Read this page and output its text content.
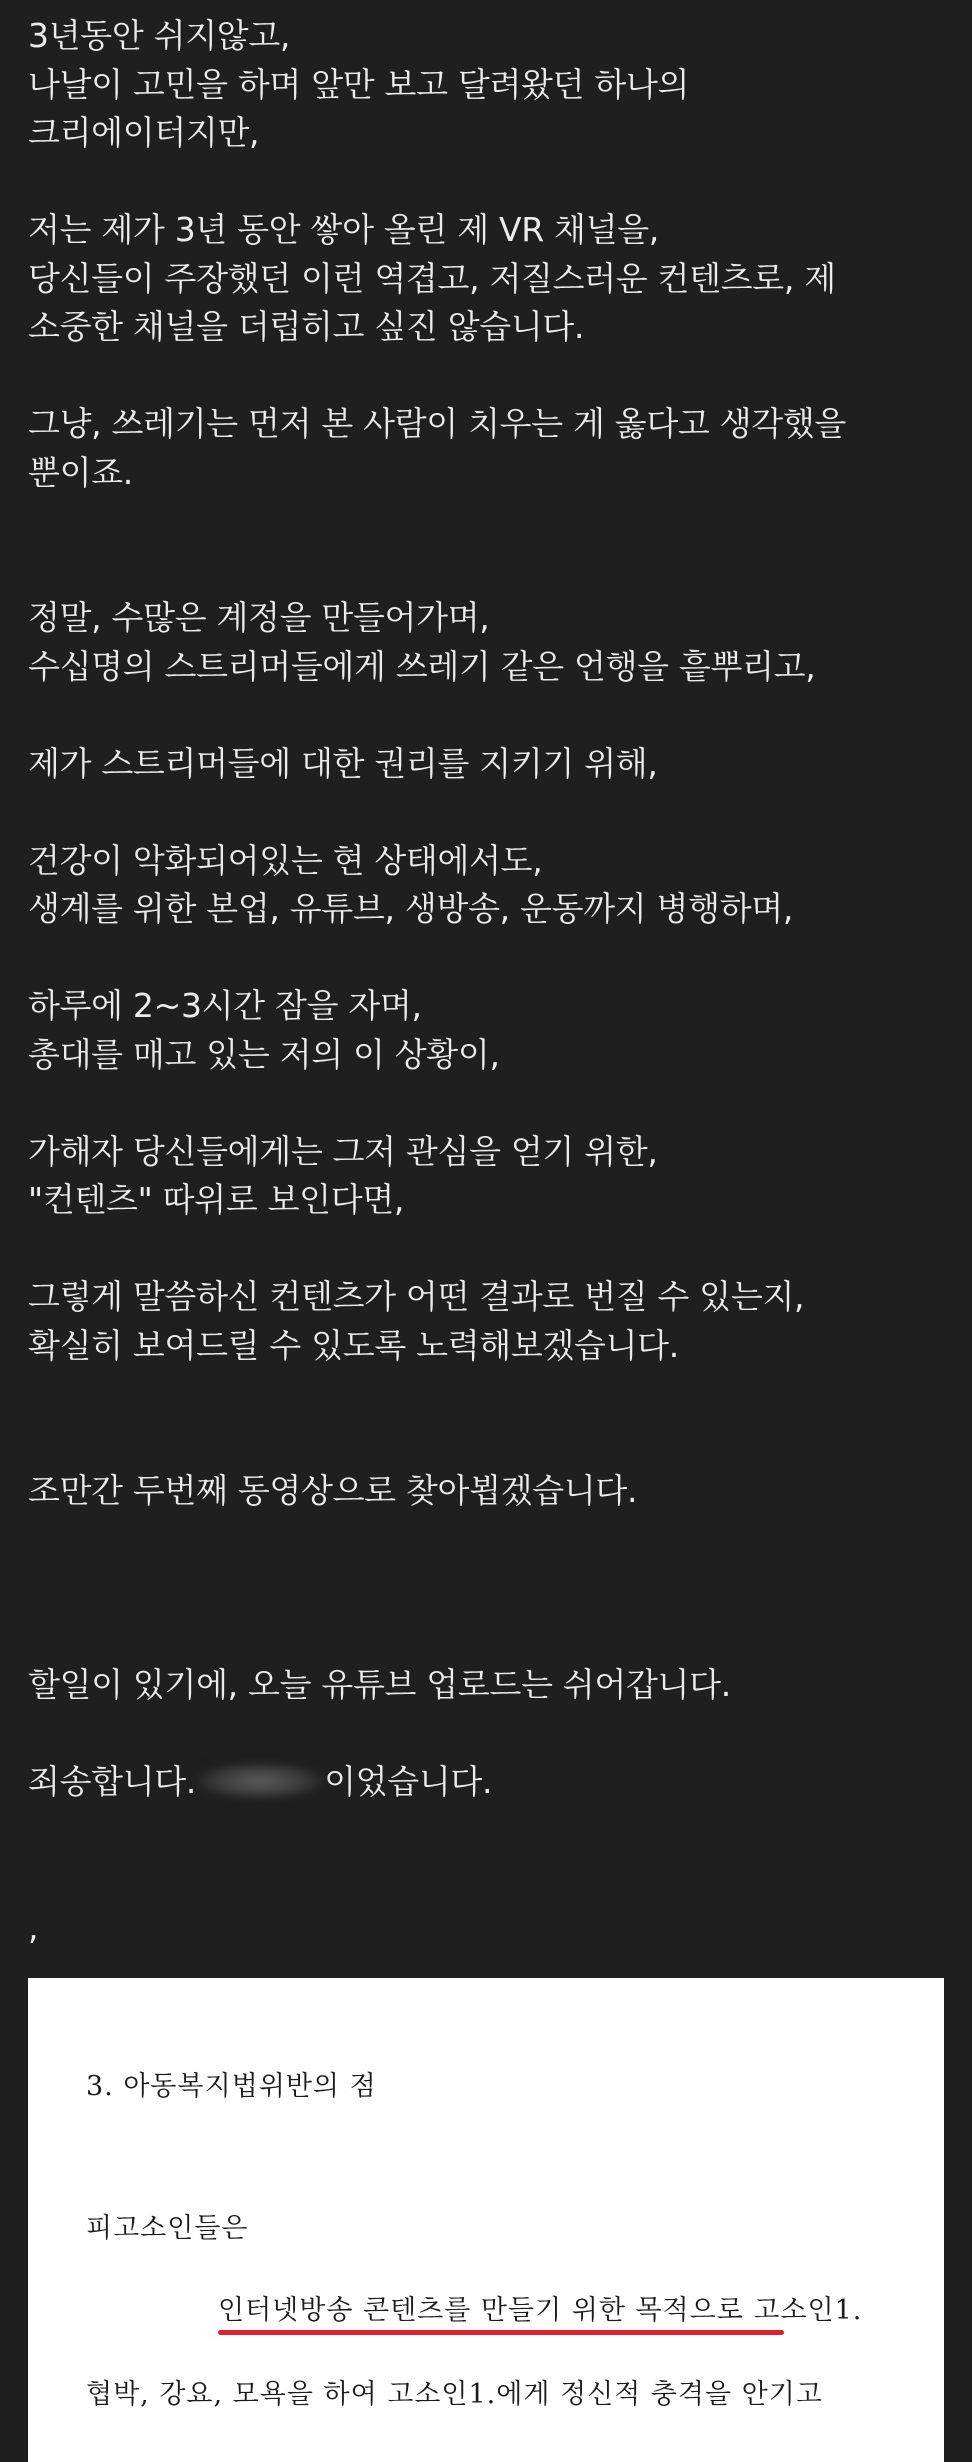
3년동안 쉬지않고,
나날이 고민을 하며 앞만 보고 달려왔던 하나의
크리에이터지만,
저는 제가 3년 동안 쌓아 올린 제 VR 채널을,
당신들이 주장했던 이런 역겹고, 저질스러운 컨텐츠로, 제
소중한 채널을 더럽히고 싶진 않습니다.
그냥, 쓰레기는 먼저 본 사람이 치우는 게 옳다고 생각했을
뿐이죠.
정말, 수많은 계정을 만들어가며,
수십명의 스트리머들에게 쓰레기 같은 언행을 흩뿌리고,
제가 스트리머들에 대한 권리를 지키기 위해,
건강이 악화되어있는 현 상태에서도,
생계를 위한 본업, 유튜브, 생방송, 운동까지 병행하며,
하루에 2~3시간 잠을 자며,
총대를 매고 있는 저의 이 상황이,
가해자 당신들에게는 그저 관심을 얻기 위한,
"컨텐츠" 따위로 보인다면,
그렇게 말씀하신 컨텐츠가 어떤 결과로 번질 수 있는지,
확실히 보여드릴 수 있도록 노력해보겠습니다.
조만간 두번째 동영상으로 찾아뵙겠습니다.
할일이 있기에, 오늘 유튜브 업로드는 쉬어갑니다.
죄송합니다.	이었습니다.
,
3. 아동복지법위반의 점
피고소인들은
인터넷방송 콘텐츠를 만들기 위한 목적으로 고소인1.
협박, 강요, 모욕을 하여 고소인1.에게 정신적 충격을 안기고
